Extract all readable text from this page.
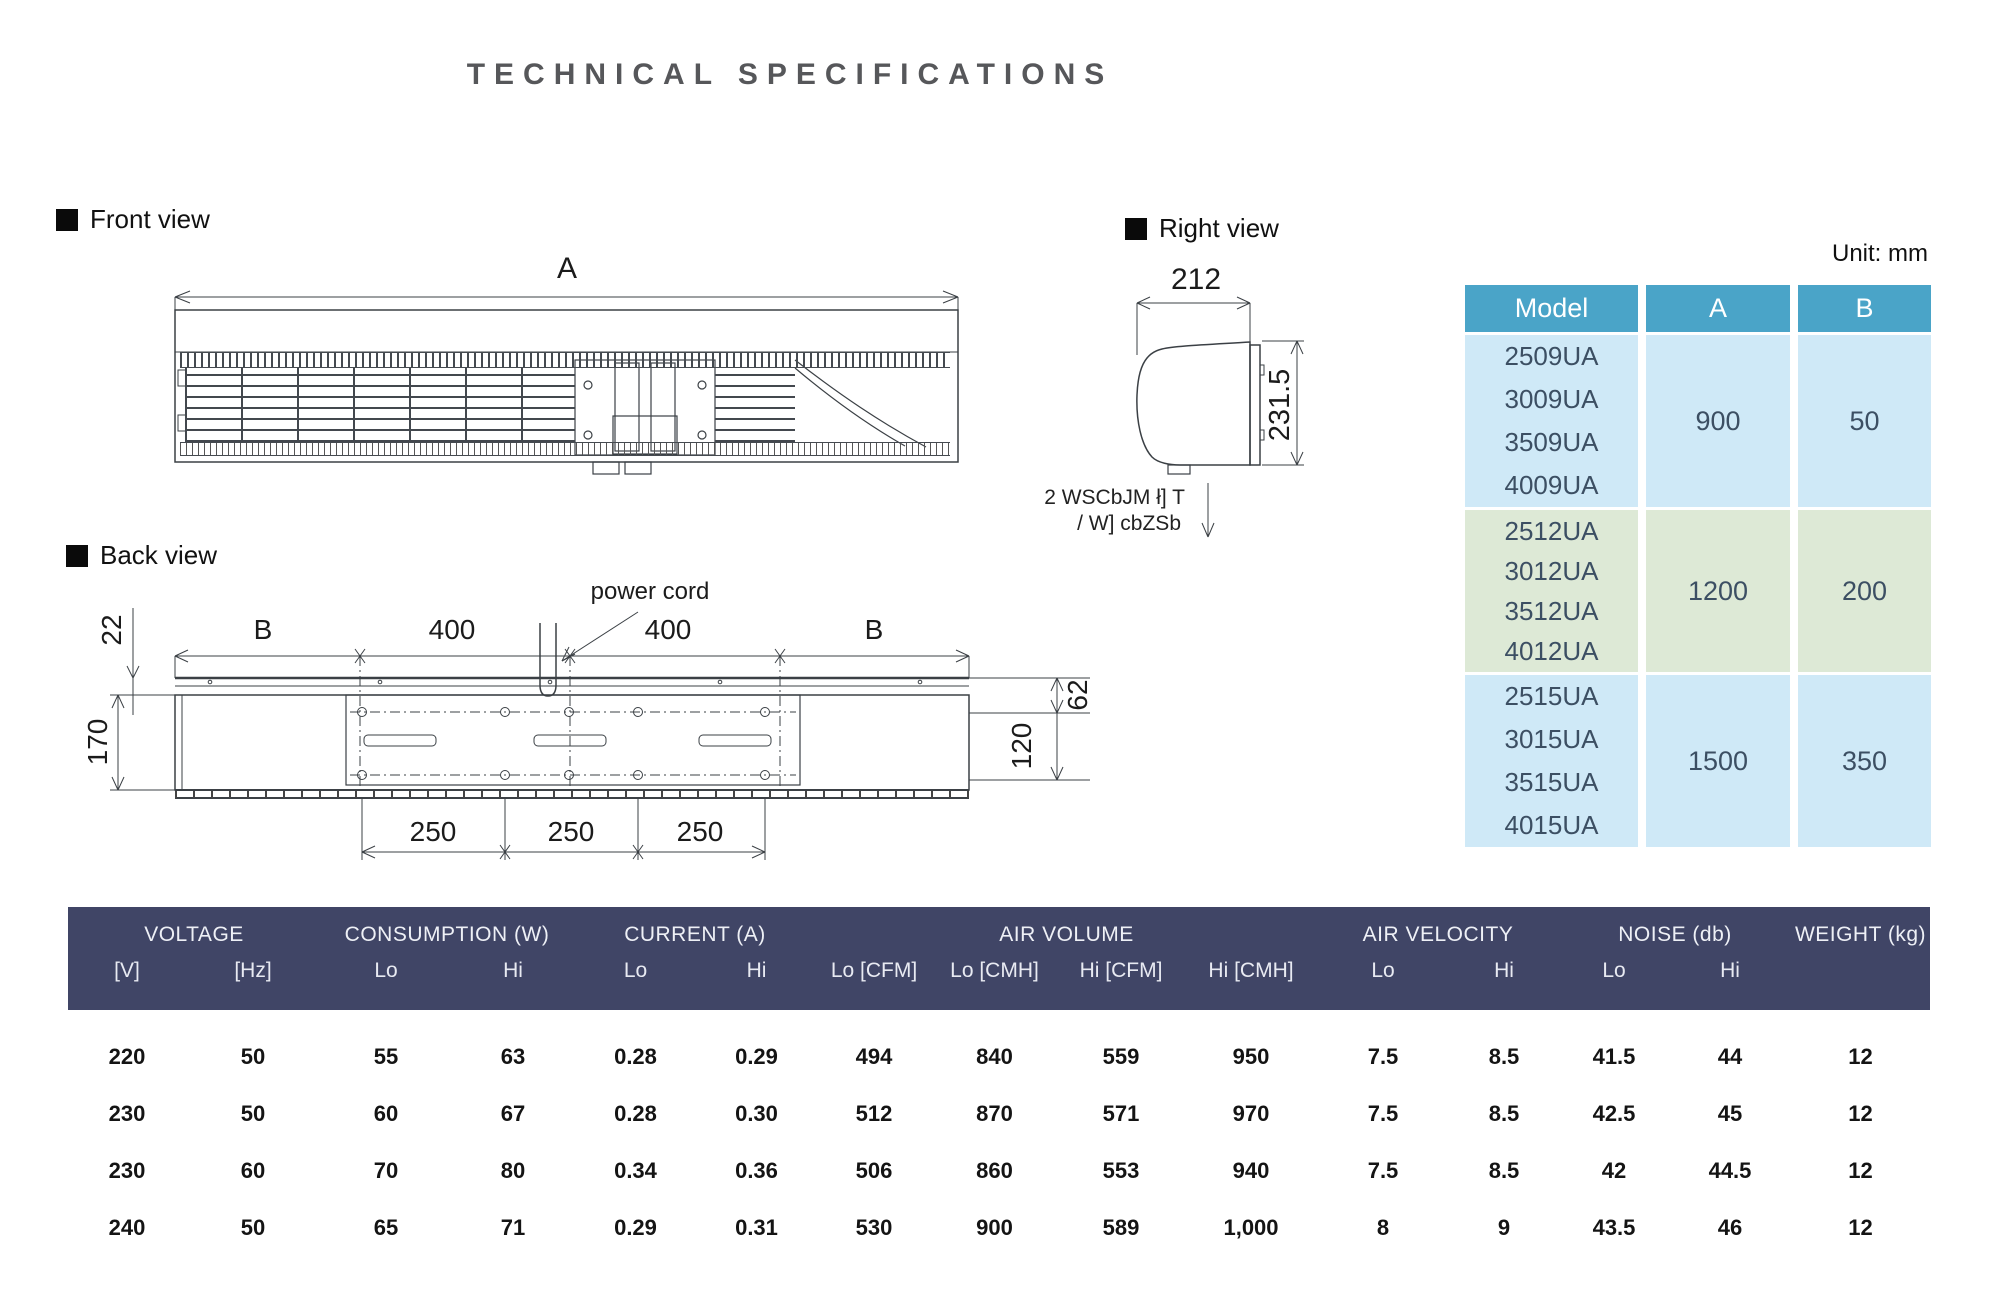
TECHNICAL SPECIFICATIONS
Front view
A
Right view
212
231.5
2 WSCbJM ł] T
/ W] cbZSb
Back view
power cord
22	B	400	400	B
170
62
120
250	250	250
Unit: mm
Model	A	B
2509UA
3009UA
3509UA
4009UA
900	50
2512UA
3012UA
3512UA
4012UA
1200	200
2515UA
3015UA
3515UA
4015UA
1500	350
VOLTAGE	CONSUMPTION (W)	CURRENT (A)	AIR VOLUME	AIR VELOCITY	NOISE (db)	WEIGHT (kg)
[V]	[Hz]	Lo	Hi	Lo	Hi	Lo [CFM]	Lo [CMH]	Hi [CFM]	Hi [CMH]	Lo	Hi	Lo	Hi
220	50	55	63	0.28	0.29	494	840	559	950	7.5	8.5	41.5	44	12
230	50	60	67	0.28	0.30	512	870	571	970	7.5	8.5	42.5	45	12
230	60	70	80	0.34	0.36	506	860	553	940	7.5	8.5	42	44.5	12
240	50	65	71	0.29	0.31	530	900	589	1,000	8	9	43.5	46	12
